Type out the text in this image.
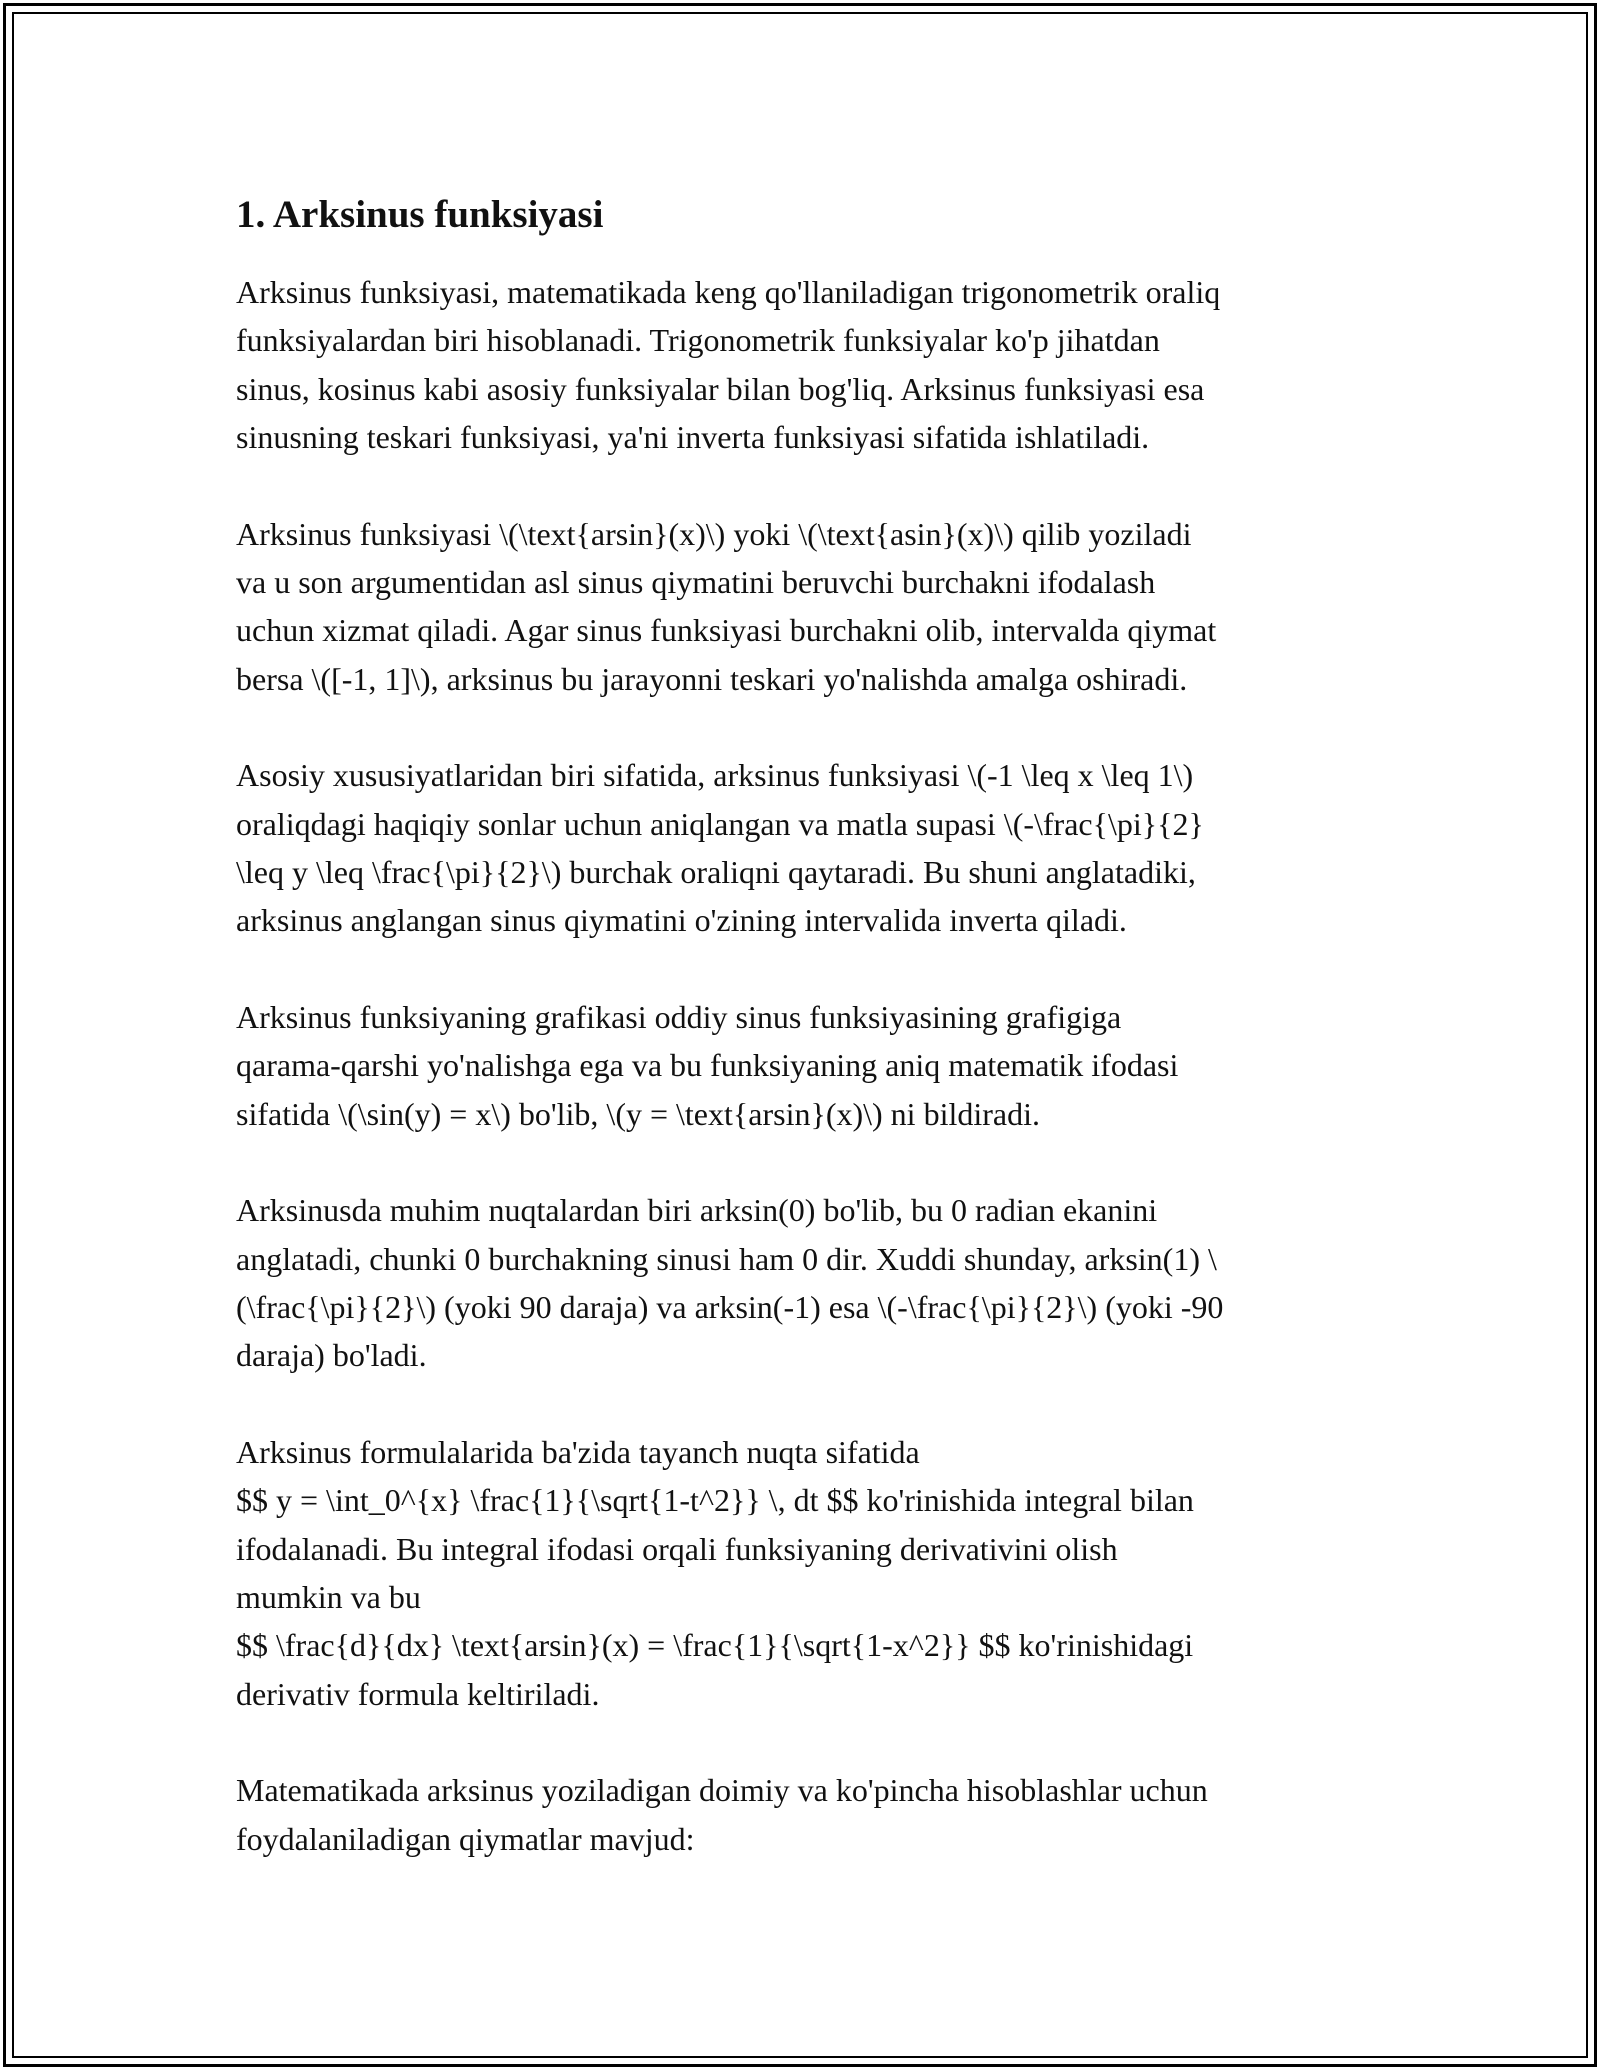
1. Arksinus funksiyasi

Arksinus funksiyasi, matematikada keng qo'llaniladigan trigonometrik oraliq
funksiyalardan biri hisoblanadi. Trigonometrik funksiyalar ko'p jihatdan
sinus, kosinus kabi asosiy funksiyalar bilan bog'liq. Arksinus funksiyasi esa
sinusning teskari funksiyasi, ya'ni inverta funksiyasi sifatida ishlatiladi.

Arksinus funksiyasi \(\text{arsin}(x)\) yoki \(\text{asin}(x)\) qilib yoziladi
va u son argumentidan asl sinus qiymatini beruvchi burchakni ifodalash
uchun xizmat qiladi. Agar sinus funksiyasi burchakni olib, intervalda qiymat
bersa \([-1, 1]\), arksinus bu jarayonni teskari yo'nalishda amalga oshiradi.

Asosiy xususiyatlaridan biri sifatida, arksinus funksiyasi \(-1 \leq x \leq 1\)
oraliqdagi haqiqiy sonlar uchun aniqlangan va matla supasi \(-\frac{\pi}{2}
\leq y \leq \frac{\pi}{2}\) burchak oraliqni qaytaradi. Bu shuni anglatadiki,
arksinus anglangan sinus qiymatini o'zining intervalida inverta qiladi.

Arksinus funksiyaning grafikasi oddiy sinus funksiyasining grafigiga
qarama-qarshi yo'nalishga ega va bu funksiyaning aniq matematik ifodasi
sifatida \(\sin(y) = x\) bo'lib, \(y = \text{arsin}(x)\) ni bildiradi.

Arksinusda muhim nuqtalardan biri arksin(0) bo'lib, bu 0 radian ekanini
anglatadi, chunki 0 burchakning sinusi ham 0 dir. Xuddi shunday, arksin(1) \
(\frac{\pi}{2}\) (yoki 90 daraja) va arksin(-1) esa \(-\frac{\pi}{2}\) (yoki -90
daraja) bo'ladi.

Arksinus formulalarida ba'zida tayanch nuqta sifatida
$$ y = \int_0^{x} \frac{1}{\sqrt{1-t^2}} \, dt $$ ko'rinishida integral bilan
ifodalanadi. Bu integral ifodasi orqali funksiyaning derivativini olish
mumkin va bu
$$ \frac{d}{dx} \text{arsin}(x) = \frac{1}{\sqrt{1-x^2}} $$ ko'rinishidagi
derivativ formula keltiriladi.

Matematikada arksinus yoziladigan doimiy va ko'pincha hisoblashlar uchun
foydalaniladigan qiymatlar mavjud:
